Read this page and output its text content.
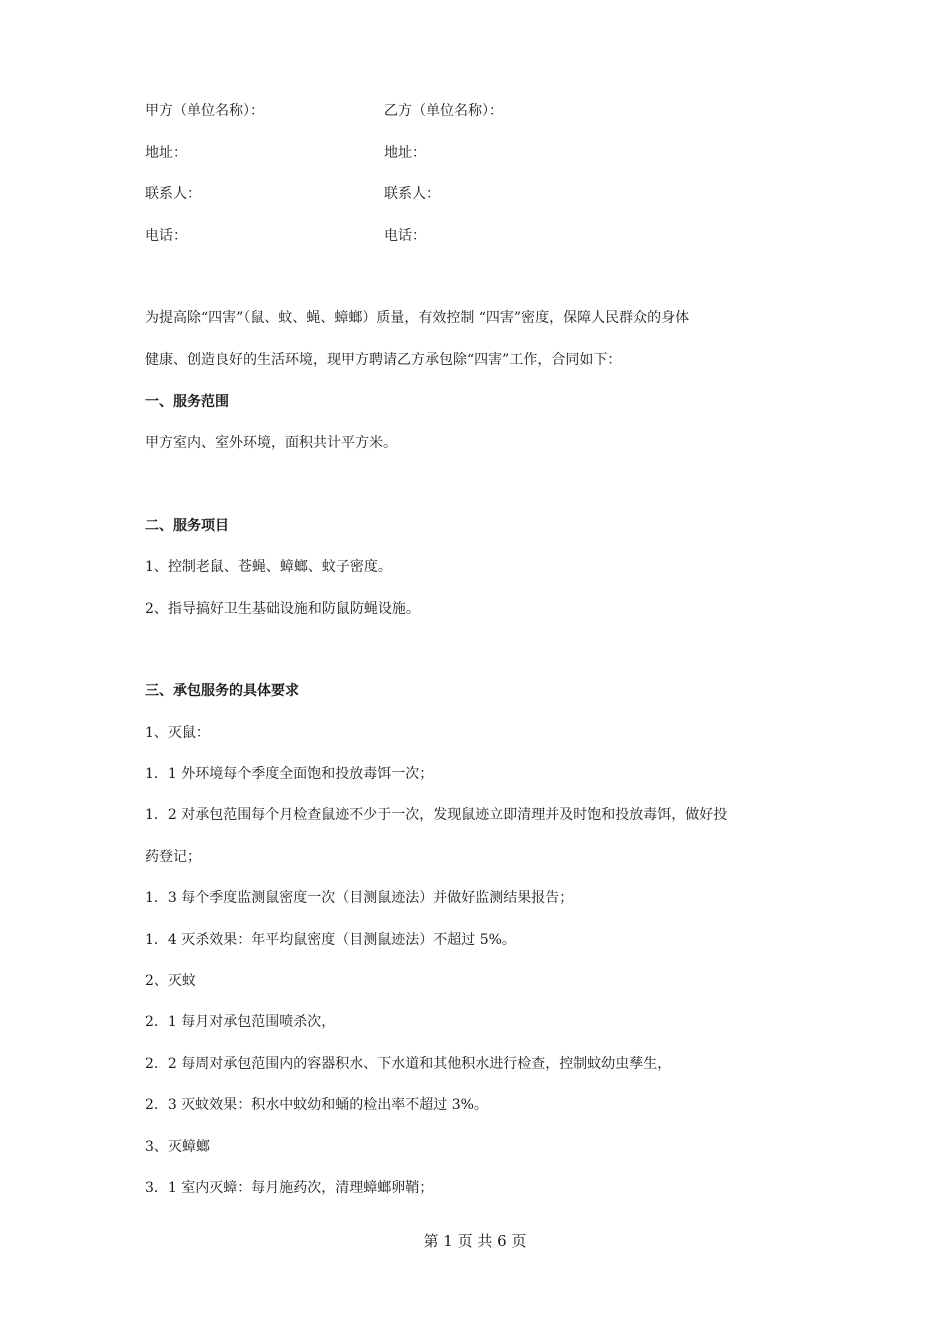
甲方（单位名称）：	乙方（单位名称）：
地址：	地址：
联系人：	联系人：
电话：	电话：
为提高除“四害”（鼠、蚊、蝇、蟑螂）质量，有效控制 “四害”密度，保障人民群众的身体
健康、创造良好的生活环境，现甲方聘请乙方承包除“四害”工作，合同如下：
一、服务范围
甲方室内、室外环境，面积共计平方米。
二、服务项目
1、控制老鼠、苍蝇、蟑螂、蚊子密度。
2、指导搞好卫生基础设施和防鼠防蝇设施。
三、承包服务的具体要求
1、灭鼠：
1．1 外环境每个季度全面饱和投放毒饵一次；
1．2 对承包范围每个月检查鼠迹不少于一次，发现鼠迹立即清理并及时饱和投放毒饵，做好投
药登记；
1．3 每个季度监测鼠密度一次（目测鼠迹法）并做好监测结果报告；
1．4 灭杀效果：年平均鼠密度（目测鼠迹法）不超过 5%。
2、灭蚊
2．1 每月对承包范围喷杀次，
2．2 每周对承包范围内的容器积水、下水道和其他积水进行检查，控制蚊幼虫孳生，
2．3 灭蚊效果：积水中蚊幼和蛹的检出率不超过 3%。
3、灭蟑螂
3．1 室内灭蟑：每月施药次，清理蟑螂卵鞘；
第 1 页 共 6 页
